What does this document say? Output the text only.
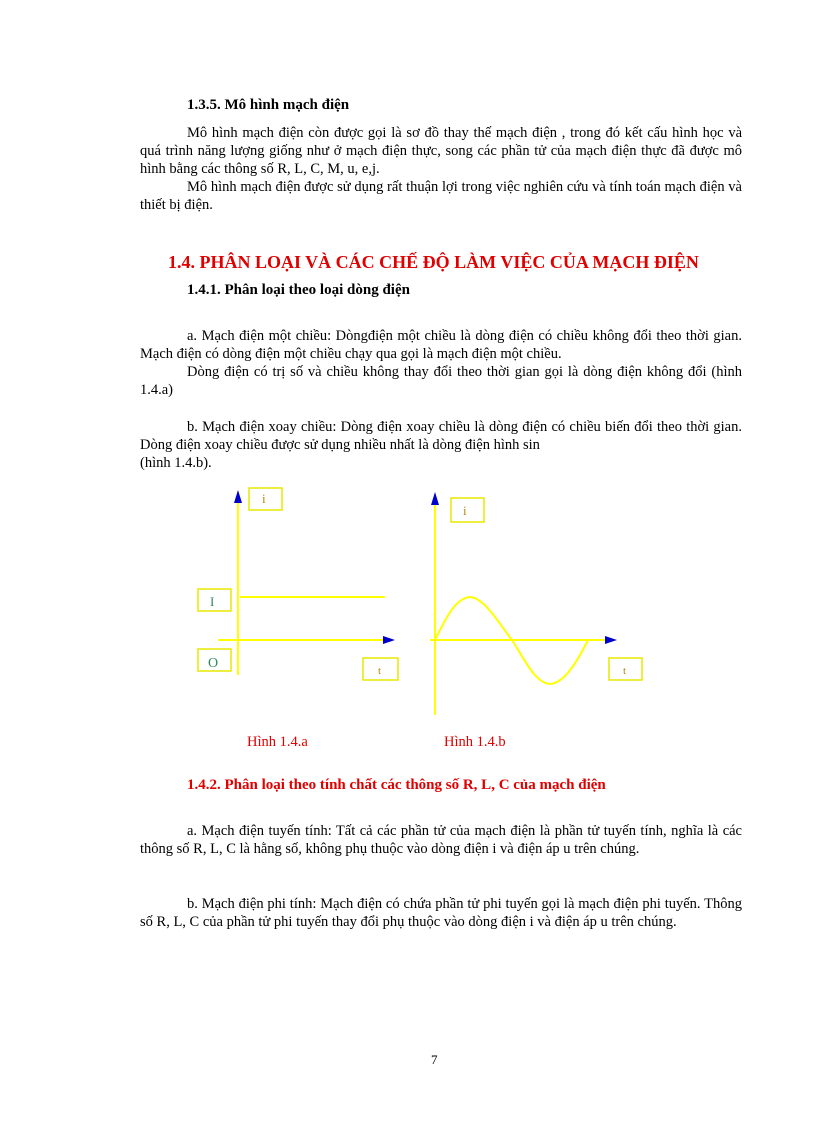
1.3.5. Mô hình mạch điện

Mô hình mạch điện còn được gọi là sơ đồ thay thế mạch điện , trong đó kết cấu hình học và quá trình năng lượng giống như ở mạch điện thực, song các phần tử của mạch điện thực đã được mô hình bằng các thông số R, L, C, M, u, e,j.

Mô hình mạch điện được sử dụng rất thuận lợi trong việc nghiên cứu và tính toán mạch điện và thiết bị điện.

1.4. PHÂN LOẠI VÀ CÁC CHẾ ĐỘ LÀM VIỆC CỦA MẠCH ĐIỆN
1.4.1. Phân loại theo loại dòng điện

a. Mạch điện một chiều: Dòngđiện một chiều là dòng điện có chiều không đổi theo thời gian. Mạch điện có dòng điện một chiều chạy qua gọi là mạch điện một chiều.

Dòng điện có trị số và chiều không thay đổi theo thời gian gọi là dòng điện không đổi (hình 1.4.a)

b. Mạch điện xoay chiều: Dòng điện xoay chiều là dòng điện có chiều biến đổi theo thời gian. Dòng điện xoay chiều được sử dụng nhiều nhất là dòng điện hình sin

(hình 1.4.b).

i
I
O	t
Hình 1.4.a
i
t
Hình 1.4.b
1.4.2. Phân loại theo tính chất các thông số R, L, C của mạch điện

a. Mạch điện tuyến tính: Tất cả các phần tử của mạch điện là phần tử tuyến tính, nghĩa là các thông số R, L, C là hằng số, không phụ thuộc vào dòng điện i và điện áp u trên chúng.

b. Mạch điện phi tính: Mạch điện có chứa phần tử phi tuyến gọi là mạch điện phi tuyến. Thông số R, L, C của phần tử phi tuyến thay đổi phụ thuộc vào dòng điện i và điện áp u trên chúng.

7
